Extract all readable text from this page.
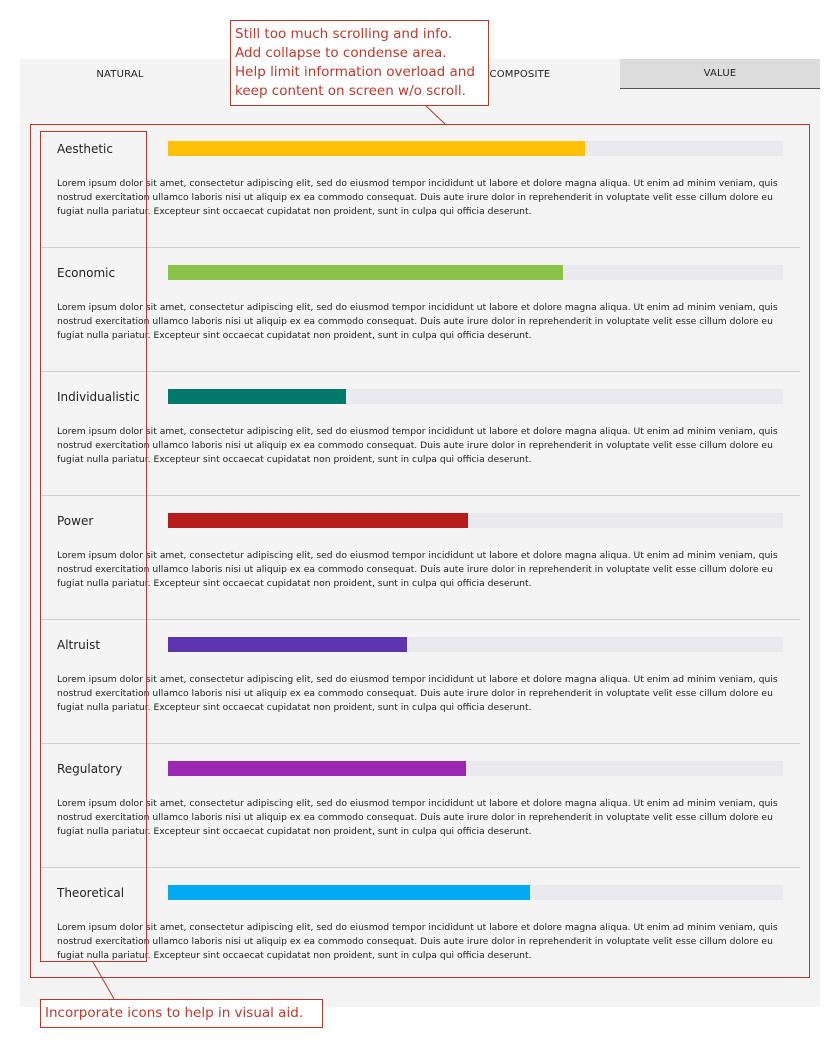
NATURAL	COMPOSITE	VALUE
Aesthetic
Lorem ipsum dolor sit amet, consectetur adipiscing elit, sed do eiusmod tempor incididunt ut labore et dolore magna aliqua. Ut enim ad minim veniam, quis nostrud exercitation ullamco laboris nisi ut aliquip ex ea commodo consequat. Duis aute irure dolor in reprehenderit in voluptate velit esse cillum dolore eu fugiat nulla pariatur. Excepteur sint occaecat cupidatat non proident, sunt in culpa qui officia deserunt.
Economic
Lorem ipsum dolor sit amet, consectetur adipiscing elit, sed do eiusmod tempor incididunt ut labore et dolore magna aliqua. Ut enim ad minim veniam, quis nostrud exercitation ullamco laboris nisi ut aliquip ex ea commodo consequat. Duis aute irure dolor in reprehenderit in voluptate velit esse cillum dolore eu fugiat nulla pariatur. Excepteur sint occaecat cupidatat non proident, sunt in culpa qui officia deserunt.
Individualistic
Lorem ipsum dolor sit amet, consectetur adipiscing elit, sed do eiusmod tempor incididunt ut labore et dolore magna aliqua. Ut enim ad minim veniam, quis nostrud exercitation ullamco laboris nisi ut aliquip ex ea commodo consequat. Duis aute irure dolor in reprehenderit in voluptate velit esse cillum dolore eu fugiat nulla pariatur. Excepteur sint occaecat cupidatat non proident, sunt in culpa qui officia deserunt.
Power
Lorem ipsum dolor sit amet, consectetur adipiscing elit, sed do eiusmod tempor incididunt ut labore et dolore magna aliqua. Ut enim ad minim veniam, quis nostrud exercitation ullamco laboris nisi ut aliquip ex ea commodo consequat. Duis aute irure dolor in reprehenderit in voluptate velit esse cillum dolore eu fugiat nulla pariatur. Excepteur sint occaecat cupidatat non proident, sunt in culpa qui officia deserunt.
Altruist
Lorem ipsum dolor sit amet, consectetur adipiscing elit, sed do eiusmod tempor incididunt ut labore et dolore magna aliqua. Ut enim ad minim veniam, quis nostrud exercitation ullamco laboris nisi ut aliquip ex ea commodo consequat. Duis aute irure dolor in reprehenderit in voluptate velit esse cillum dolore eu fugiat nulla pariatur. Excepteur sint occaecat cupidatat non proident, sunt in culpa qui officia deserunt.
Regulatory
Lorem ipsum dolor sit amet, consectetur adipiscing elit, sed do eiusmod tempor incididunt ut labore et dolore magna aliqua. Ut enim ad minim veniam, quis nostrud exercitation ullamco laboris nisi ut aliquip ex ea commodo consequat. Duis aute irure dolor in reprehenderit in voluptate velit esse cillum dolore eu fugiat nulla pariatur. Excepteur sint occaecat cupidatat non proident, sunt in culpa qui officia deserunt.
Theoretical
Lorem ipsum dolor sit amet, consectetur adipiscing elit, sed do eiusmod tempor incididunt ut labore et dolore magna aliqua. Ut enim ad minim veniam, quis nostrud exercitation ullamco laboris nisi ut aliquip ex ea commodo consequat. Duis aute irure dolor in reprehenderit in voluptate velit esse cillum dolore eu fugiat nulla pariatur. Excepteur sint occaecat cupidatat non proident, sunt in culpa qui officia deserunt.
Still too much scrolling and info.
Add collapse to condense area.
Help limit information overload and
keep content on screen w/o scroll.
Incorporate icons to help in visual aid.
